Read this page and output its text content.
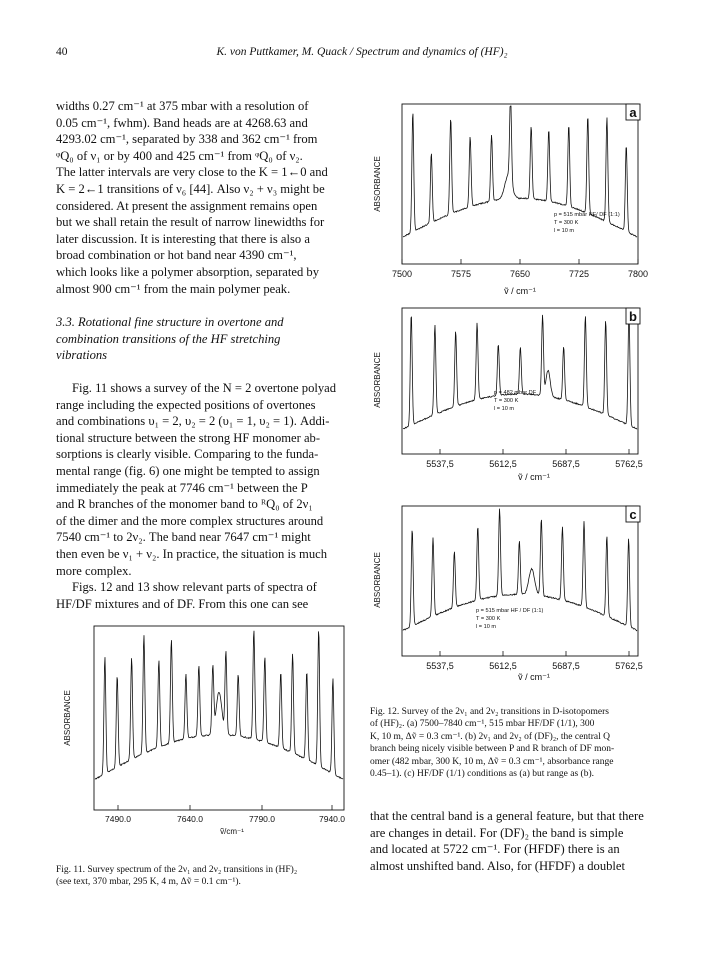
40	K. von Puttkamer, M. Quack / Spectrum and dynamics of (HF)₂

widths 0.27 cm⁻¹ at 375 mbar with a resolution of

0.05 cm⁻¹, fwhm). Band heads are at 4268.63 and

4293.02 cm⁻¹, separated by 338 and 362 cm⁻¹ from

ᵠQ₀ of ν₁ or by 400 and 425 cm⁻¹ from ᵠQ₀ of ν₂.

The latter intervals are very close to the K = 1←0 and

K = 2←1 transitions of ν₆ [44]. Also ν₂ + ν₃ might be

considered. At present the assignment remains open

but we shall retain the result of narrow linewidths for

later discussion. It is interesting that there is also a

broad combination or hot band near 4390 cm⁻¹,

which looks like a polymer absorption, separated by

almost 900 cm⁻¹ from the main polymer peak.

3.3. Rotational fine structure in overtone and
combination transitions of the HF stretching
vibrations

Fig. 11 shows a survey of the N = 2 overtone polyad

range including the expected positions of overtones

and combinations υ₁ = 2, υ₂ = 2 (υ₁ = 1, υ₂ = 1). Addi-

tional structure between the strong HF monomer ab-

sorptions is clearly visible. Comparing to the funda-

mental range (fig. 6) one might be tempted to assign

immediately the peak at 7746 cm⁻¹ between the P

and R branches of the monomer band to ᴿQ₀ of 2ν₁

of the dimer and the more complex structures around

7540 cm⁻¹ to 2ν₂. The band near 7647 cm⁻¹ might

then even be ν₁ + ν₂. In practice, the situation is much

more complex.

Figs. 12 and 13 show relevant parts of spectra of

HF/DF mixtures and of DF. From this one can see

ABSORBANCE
7490.0	7640.0	7790.0	7940.0
ṽ/cm⁻¹
Fig. 11. Survey spectrum of the 2ν₁ and 2ν₂ transitions in (HF)₂
(see text, 370 mbar, 295 K, 4 m, Δṽ = 0.1 cm⁻¹).
a
ABSORBANCE
p = 515 mbar HF/ DF (1:1)
T = 300 K
l = 10 m
7500	7575	7650	7725	7800
ṽ / cm⁻¹
b
ABSORBANCE	p = 482 mbar DF
T = 300 K
l = 10 m
5537,5	5612,5	5687,5	5762,5
ṽ / cm⁻¹
c
ABSORBANCE
p = 515 mbar HF / DF (1:1)
T = 300 K
l = 10 m
5537,5	5612,5	5687,5	5762,5
ṽ / cm⁻¹
Fig. 12. Survey of the 2ν₁ and 2ν₂ transitions in D-isotopomers
of (HF)₂. (a) 7500–7840 cm⁻¹, 515 mbar HF/DF (1/1), 300
K, 10 m, Δṽ = 0.3 cm⁻¹. (b) 2ν₁ and 2ν₂ of (DF)₂, the central Q
branch being nicely visible between P and R branch of DF mon-
omer (482 mbar, 300 K, 10 m, Δṽ = 0.3 cm⁻¹, absorbance range
0.45–1). (c) HF/DF (1/1) conditions as (a) but range as (b).

that the central band is a general feature, but that there

are changes in detail. For (DF)₂ the band is simple

and located at 5722 cm⁻¹. For (HFDF) there is an

almost unshifted band. Also, for (HFDF) a doublet
